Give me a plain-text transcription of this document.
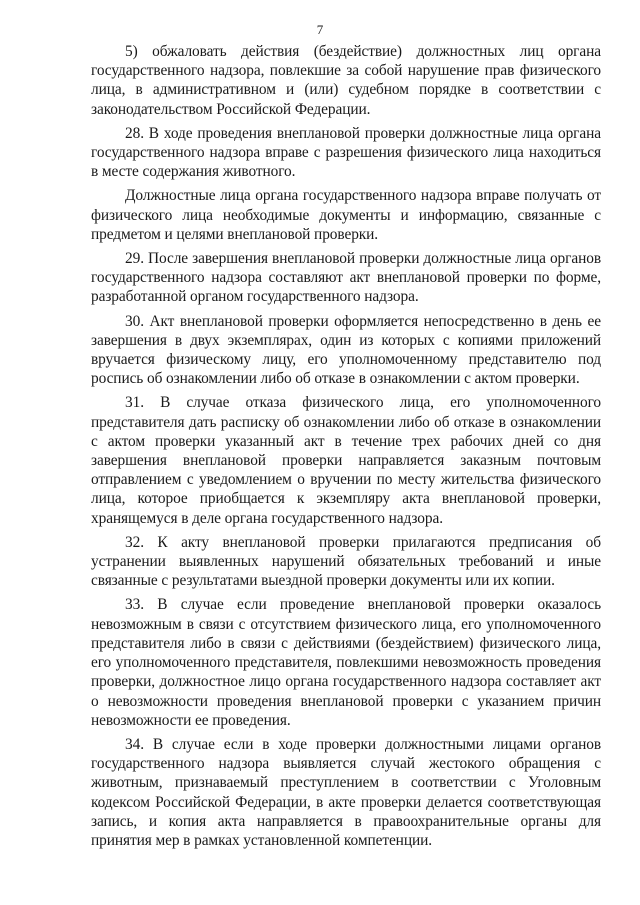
7

5) обжаловать действия (бездействие) должностных лиц органа государственного надзора, повлекшие за собой нарушение прав физического лица, в административном и (или) судебном порядке в соответствии с законодательством Российской Федерации.

28. В ходе проведения внеплановой проверки должностные лица органа государственного надзора вправе с разрешения физического лица находиться в месте содержания животного.

Должностные лица органа государственного надзора вправе получать от физического лица необходимые документы и информацию, связанные с предметом и целями внеплановой проверки.

29. После завершения внеплановой проверки должностные лица органов государственного надзора составляют акт внеплановой проверки по форме, разработанной органом государственного надзора.

30. Акт внеплановой проверки оформляется непосредственно в день ее завершения в двух экземплярах, один из которых с копиями приложений вручается физическому лицу, его уполномоченному представителю под роспись об ознакомлении либо об отказе в ознакомлении с актом проверки.

31. В случае отказа физического лица, его уполномоченного представителя дать расписку об ознакомлении либо об отказе в ознакомлении с актом проверки указанный акт в течение трех рабочих дней со дня завершения внеплановой проверки направляется заказным почтовым отправлением с уведомлением о вручении по месту жительства физического лица, которое приобщается к экземпляру акта внеплановой проверки, хранящемуся в деле органа государственного надзора.

32. К акту внеплановой проверки прилагаются предписания об устранении выявленных нарушений обязательных требований и иные связанные с результатами выездной проверки документы или их копии.

33. В случае если проведение внеплановой проверки оказалось невозможным в связи с отсутствием физического лица, его уполномоченного представителя либо в связи с действиями (бездействием) физического лица, его уполномоченного представителя, повлекшими невозможность проведения проверки, должностное лицо органа государственного надзора составляет акт о невозможности проведения внеплановой проверки с указанием причин невозможности ее проведения.

34. В случае если в ходе проверки должностными лицами органов государственного надзора выявляется случай жестокого обращения с животным, признаваемый преступлением в соответствии с Уголовным кодексом Российской Федерации, в акте проверки делается соответствующая запись, и копия акта направляется в правоохранительные органы для принятия мер в рамках установленной компетенции.
